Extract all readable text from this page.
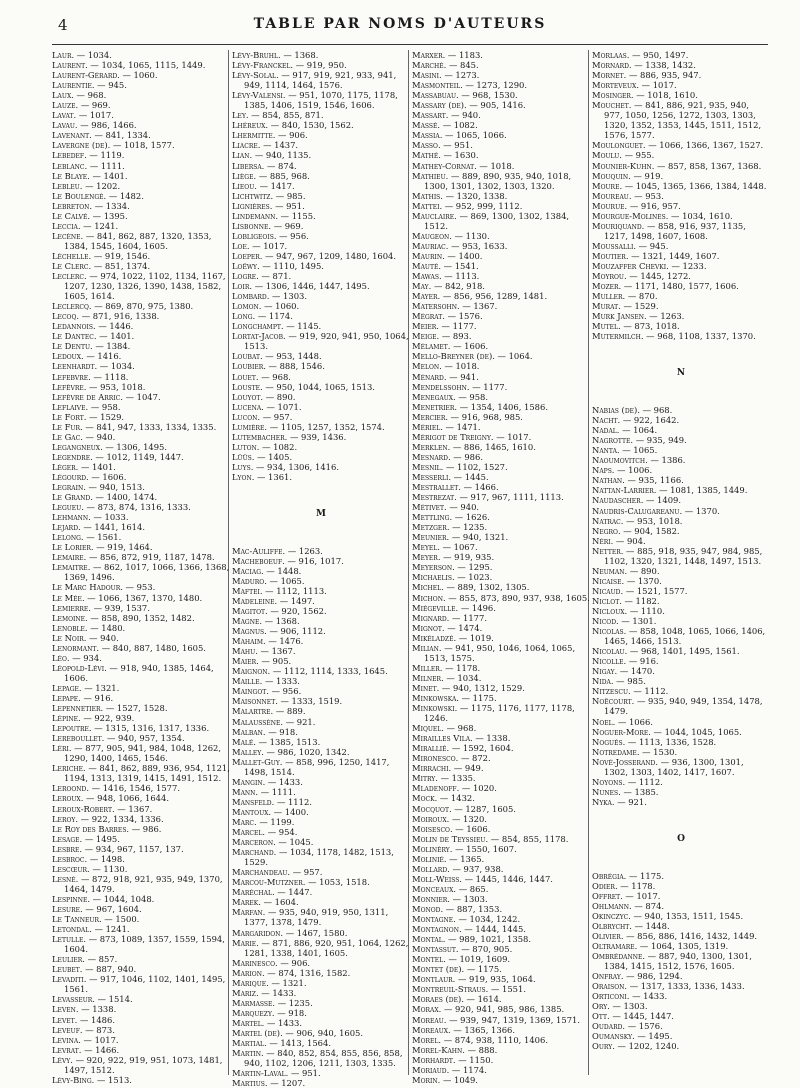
4	TABLE PAR NOMS D'AUTEURS

Laur. — 1034.

Laurent. — 1034, 1065, 1115, 1449.

Laurent-Gérard. — 1060.

Laurentie. — 945.

Laux. — 968.

Lauze. — 969.

Lavat. — 1017.

Lavau. — 986, 1466.

Lavenant. — 841, 1334.

Lavergne (de). — 1018, 1577.

Lebedef. — 1119.

Leblanc. — 1111.

Le Blaye. — 1401.

Lebleu. — 1202.

Le Boulengé. — 1482.

Lebreton. — 1334.

Le Calvé. — 1395.

Leccia. — 1241.

Lecène. — 841, 862, 887, 1320, 1353, 1384, 1545, 1604, 1605.

Léchelle. — 919, 1546.

Le Clerc. — 851, 1374.

Leclerc. — 974, 1022, 1102, 1134, 1167, 1207, 1230, 1326, 1390, 1438, 1582, 1605, 1614.

Leclercq. — 869, 870, 975, 1380.

Lecoq. — 871, 916, 1338.

Ledannois. — 1446.

Le Dantec. — 1401.

Le Dentu. — 1384.

Ledoux. — 1416.

Leenhardt. — 1034.

Lefebvre. — 1118.

Lefèvre. — 953, 1018.

Lefèvre de Arric. — 1047.

Leflaive. — 958.

Le Fort. — 1529.

Le Fur. — 841, 947, 1333, 1334, 1335.

Le Gac. — 940.

Legangneux. — 1306, 1495.

Legendre. — 1012, 1149, 1447.

Léger. — 1401.

Légourd. — 1606.

Legrain. — 940, 1513.

Le Grand. — 1400, 1474.

Legueu. — 873, 874, 1316, 1333.

Lehmann. — 1033.

Lejard. — 1441, 1614.

Lelong. — 1561.

Le Lorier. — 919, 1464.

Lemaire. — 856, 872, 919, 1187, 1478.

Lemaitre. — 862, 1017, 1066, 1366, 1368, 1369, 1496.

Le Marc Hadour. — 953.

Le Mée. — 1066, 1367, 1370, 1480.

Lemierre. — 939, 1537.

Lemoine. — 858, 890, 1352, 1482.

Lenoble. — 1480.

Le Noir. — 940.

Lenormant. — 840, 887, 1480, 1605.

Léo. — 934.

Léopold-Lévi. — 918, 940, 1385, 1464, 1606.

Lepage. — 1321.

Lepape. — 916.

Lepennetier. — 1527, 1528.

Lépine. — 922, 939.

Lepoutre. — 1315, 1316, 1317, 1336.

Lereboullet. — 940, 957, 1354.

Léri. — 877, 905, 941, 984, 1048, 1262, 1290, 1400, 1465, 1546.

Leriche. — 841, 862, 889, 936, 954, 1121, 1194, 1313, 1319, 1415, 1491, 1512.

Leroond. — 1416, 1546, 1577.

Leroux. — 948, 1066, 1644.

Leroux-Robert. — 1367.

Leroy. — 922, 1334, 1336.

Le Roy des Barres. — 986.

Lesage. — 1495.

Lesbre. — 934, 967, 1157, 137.

Lesbroc. — 1498.

Lescœur. — 1130.

Lesné. — 872, 918, 921, 935, 949, 1370, 1464, 1479.

Lespinne. — 1044, 1048.

Lesure. — 967, 1604.

Le Tanneur. — 1500.

Letondal. — 1241.

Letulle. — 873, 1089, 1357, 1559, 1594, 1604.

Leulier. — 857.

Leubet. — 887, 940.

Levaditi. — 917, 1046, 1102, 1401, 1495, 1561.

Levasseur. — 1514.

Leven. — 1338.

Levet. — 1486.

Leveuf. — 873.

Levina. — 1017.

Levrat. — 1466.

Lévy. — 920, 922, 919, 951, 1073, 1481, 1497, 1512.

Lévy-Bing. — 1513.

Lévy-Bruhl. — 1368.

Lévy-Franckel. — 919, 950.

Lévy-Solal. — 917, 919, 921, 933, 941, 949, 1114, 1464, 1576.

Lévy-Valensi. — 951, 1070, 1175, 1178, 1385, 1406, 1519, 1546, 1606.

Ley. — 854, 855, 871.

Lhéreux. — 840, 1530, 1562.

Lhermitte. — 906.

Liacre. — 1437.

Lian. — 940, 1135.

Libersa. — 874.

Liège. — 885, 968.

Lieou. — 1417.

Lichtwitz. — 985.

Lignières. — 951.

Lindemann. — 1155.

Lisbonne. — 969.

Lobligeois. — 956.

Loe. — 1017.

Loeper. — 947, 967, 1209, 1480, 1604.

Loëwy. — 1110, 1495.

Logre. — 871.

Loir. — 1306, 1446, 1447, 1495.

Lombard. — 1303.

Lomon. — 1060.

Long. — 1174.

Longchampt. — 1145.

Lortat-Jacob. — 919, 920, 941, 950, 1064, 1513.

Loubat. — 953, 1448.

Loubier. — 888, 1546.

Louet. — 968.

Louste. — 950, 1044, 1065, 1513.

Louyot. — 890.

Lucena. — 1071.

Lucon. — 957.

Lumière. — 1105, 1257, 1352, 1574.

Lutembacher. — 939, 1436.

Luton. — 1082.

Lüüs. — 1405.

Luys. — 934, 1306, 1416.

Lyon. — 1361.

M

Mac-Auliffe. — 1263.

Macheboeuf. — 916, 1017.

Maciag. — 1448.

Maduro. — 1065.

Maftei. — 1112, 1113.

Madeleine. — 1497.

Magitot. — 920, 1562.

Magne. — 1368.

Magnus. — 906, 1112.

Mahaim. — 1476.

Mahu. — 1367.

Maier. — 905.

Maignon. — 1112, 1114, 1333, 1645.

Maille. — 1333.

Maingot. — 956.

Maisonnet. — 1333, 1519.

Malartre. — 889.

Malaussène. — 921.

Malban. — 918.

Malé. — 1385, 1513.

Malley. — 986, 1020, 1342.

Mallet-Guy. — 858, 996, 1250, 1417, 1498, 1514.

Mangin. — 1433.

Mann. — 1111.

Mansfeld. — 1112.

Mantoux. — 1400.

Marc. — 1199.

Marcel. — 954.

Marceron. — 1045.

Marchand. — 1034, 1178, 1482, 1513, 1529.

Marchandeau. — 957.

Marcou-Mutzner. — 1053, 1518.

Maréchal. — 1447.

Marek. — 1604.

Marfan. — 935, 940, 919, 950, 1311, 1377, 1378, 1479.

Margaridon. — 1467, 1580.

Marie. — 871, 886, 920, 951, 1064, 1262, 1281, 1338, 1401, 1605.

Marinesco. — 906.

Marion. — 874, 1316, 1582.

Marique. — 1321.

Mariz. — 1433.

Marmasse. — 1235.

Marquezy. — 918.

Martel. — 1433.

Martel (de). — 906, 940, 1605.

Martial. — 1413, 1564.

Martin. — 840, 852, 854, 855, 856, 858, 940, 1102, 1206, 1211, 1303, 1335.

Martin-Laval. — 951.

Martius. — 1207.

Marxer. — 1183.

Marché. — 845.

Masini. — 1273.

Masmonteil. — 1273, 1290.

Massabuau. — 968, 1530.

Massary (de). — 905, 1416.

Massart. — 940.

Massé. — 1082.

Massia. — 1065, 1066.

Masso. — 951.

Mathé. — 1630.

Mathey-Cornat. — 1018.

Mathieu. — 889, 890, 935, 940, 1018, 1300, 1301, 1302, 1303, 1320.

Mathis. — 1320, 1338.

Mattei. — 952, 999, 1112.

Mauclaire. — 869, 1300, 1302, 1384, 1512.

Maugeon. — 1130.

Mauriac. — 953, 1633.

Maurin. — 1400.

Mauté. — 1541.

Mawas. — 1113.

May. — 842, 918.

Mayer. — 856, 956, 1289, 1481.

Matersohn. — 1367.

Mégrat. — 1576.

Meier. — 1177.

Meige. — 893.

Mélamet. — 1606.

Mello-Breyner (de). — 1064.

Melon. — 1018.

Ménard. — 941.

Mendelssohn. — 1177.

Menegaux. — 958.

Menetrier. — 1354, 1406, 1586.

Mercier. — 916, 968, 985.

Mériel. — 1471.

Mérigot de Treigny. — 1017.

Merklen. — 886, 1465, 1610.

Mesnard. — 986.

Mesnil. — 1102, 1527.

Messerli. — 1445.

Mestrallet. — 1466.

Mestrezat. — 917, 967, 1111, 1113.

Métivet. — 940.

Mettling. — 1626.

Metzger. — 1235.

Meunier. — 940, 1321.

Meyel. — 1067.

Meyer. — 919, 935.

Meyerson. — 1295.

Michaelis. — 1023.

Michel. — 889, 1302, 1305.

Michon. — 855, 873, 890, 937, 938, 1605.

Miégeville. — 1496.

Mignard. — 1177.

Mignot. — 1474.

Mikéladzé. — 1019.

Milian. — 941, 950, 1046, 1064, 1065, 1513, 1575.

Miller. — 1178.

Milner. — 1034.

Minet. — 940, 1312, 1529.

Minkowska. — 1175.

Minkowski. — 1175, 1176, 1177, 1178, 1246.

Miquel. — 968.

Mirailles Vila. — 1338.

Mirallié. — 1592, 1604.

Mironesco. — 872.

Mirrachi. — 949.

Mitry. — 1335.

Mladenoff. — 1020.

Mock. — 1432.

Mocquot. — 1287, 1605.

Moiroux. — 1320.

Moisesco. — 1606.

Molin de Teyssieu. — 854, 855, 1178.

Molinéry. — 1550, 1607.

Molinié. — 1365.

Mollard. — 937, 938.

Moll-Weiss. — 1445, 1446, 1447.

Monceaux. — 865.

Monnier. — 1303.

Monod. — 887, 1353.

Montagne. — 1034, 1242.

Montagnon. — 1444, 1445.

Montal. — 989, 1021, 1358.

Montassut. — 870, 905.

Montel. — 1019, 1609.

Montet (de). — 1175.

Montlaur. — 919, 935, 1064.

Montreuil-Straus. — 1551.

Moraes (de). — 1614.

Morax. — 920, 941, 985, 986, 1385.

Moreau. — 939, 947, 1319, 1369, 1571.

Moreaux. — 1365, 1366.

Morel. — 874, 938, 1110, 1406.

Morel-Kahn. — 888.

Morhardt. — 1150.

Moriaud. — 1174.

Morin. — 1049.

Morlaas. — 950, 1497.

Mornard. — 1338, 1432.

Mornet. — 886, 935, 947.

Morteveux. — 1017.

Mosinger. — 1018, 1610.

Mouchet. — 841, 886, 921, 935, 940, 977, 1050, 1256, 1272, 1303, 1303, 1320, 1352, 1353, 1445, 1511, 1512, 1576, 1577.

Moulonguet. — 1066, 1366, 1367, 1527.

Moulu. — 955.

Mounier-Kuhn. — 857, 858, 1367, 1368.

Mouquin. — 919.

Moure. — 1045, 1365, 1366, 1384, 1448.

Moureau. — 953.

Mourue. — 916, 957.

Mourgue-Molines. — 1034, 1610.

Mouriquand. — 858, 916, 937, 1135, 1217, 1498, 1607, 1608.

Moussalli. — 945.

Moutier. — 1321, 1449, 1607.

Mouzaffer Chevki. — 1233.

Moyrou. — 1445, 1272.

Mozer. — 1171, 1480, 1577, 1606.

Muller. — 870.

Murat. — 1529.

Murk Jansen. — 1263.

Mutel. — 873, 1018.

Mutermilch. — 968, 1108, 1337, 1370.

N

Nabias (de). — 968.

Nacht. — 922, 1642.

Nadal. — 1064.

Nagrotte. — 935, 949.

Nanta. — 1065.

Naoumovitch. — 1386.

Naps. — 1006.

Nathan. — 935, 1166.

Nattan-Larrier. — 1081, 1385, 1449.

Naudascher. — 1409.

Naudris-Calugareanu. — 1370.

Natrac. — 953, 1018.

Negro. — 904, 1582.

Néri. — 904.

Netter. — 885, 918, 935, 947, 984, 985, 1102, 1320, 1321, 1448, 1497, 1513.

Neuman. — 890.

Nicaise. — 1370.

Nicaud. — 1521, 1577.

Niclot. — 1182.

Nicloux. — 1110.

Nicod. — 1301.

Nicolas. — 858, 1048, 1065, 1066, 1406, 1465, 1466, 1513.

Nicolau. — 968, 1401, 1495, 1561.

Nicolle. — 916.

Nigay. — 1470.

Nida. — 985.

Nitzescu. — 1112.

Noëcourt. — 935, 940, 949, 1354, 1478, 1479.

Noel. — 1066.

Noguer-More. — 1044, 1045, 1065.

Nogués. — 1113, 1336, 1528.

Notredame. — 1530.

Nové-Josserand. — 936, 1300, 1301, 1302, 1303, 1402, 1417, 1607.

Noyons. — 1112.

Nunes. — 1385.

Nyka. — 921.

O

Obrégia. — 1175.

Odier. — 1178.

Offret. — 1017.

Ohlmann. — 874.

Okinczyc. — 940, 1353, 1511, 1545.

Olbrycht. — 1448.

Olivier. — 856, 886, 1416, 1432, 1449.

Oltramare. — 1064, 1305, 1319.

Ombrédanne. — 887, 940, 1300, 1301, 1384, 1415, 1512, 1576, 1605.

Onfray. — 986, 1294.

Oraison. — 1317, 1333, 1336, 1433.

Orticoni. — 1433.

Ory. — 1303.

Ott. — 1445, 1447.

Oudard. — 1576.

Oumansky. — 1495.

Oury. — 1202, 1240.
